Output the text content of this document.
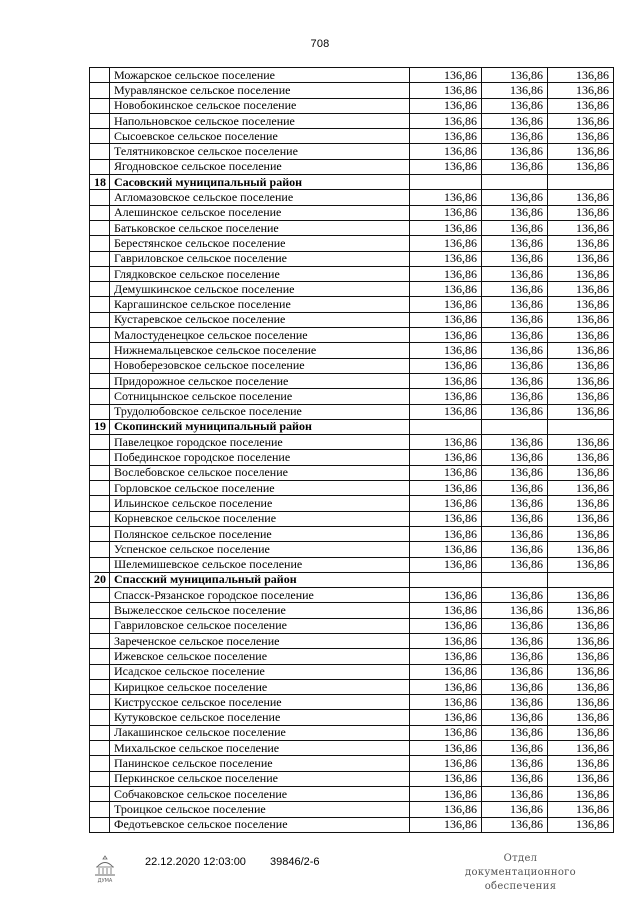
708
	Можарское сельское поселение	136,86	136,86	136,86
	Муравлянское сельское поселение	136,86	136,86	136,86
	Новобокинское сельское поселение	136,86	136,86	136,86
	Напольновское сельское поселение	136,86	136,86	136,86
	Сысоевское сельское поселение	136,86	136,86	136,86
	Телятниковское сельское поселение	136,86	136,86	136,86
	Ягодновское сельское поселение	136,86	136,86	136,86
18	Сасовский муниципальный район			
	Агломазовское сельское поселение	136,86	136,86	136,86
	Алешинское сельское поселение	136,86	136,86	136,86
	Батьковское сельское поселение	136,86	136,86	136,86
	Берестянское сельское поселение	136,86	136,86	136,86
	Гавриловское сельское поселение	136,86	136,86	136,86
	Глядковское сельское поселение	136,86	136,86	136,86
	Демушкинское сельское поселение	136,86	136,86	136,86
	Каргашинское сельское поселение	136,86	136,86	136,86
	Кустаревское сельское поселение	136,86	136,86	136,86
	Малостуденецкое сельское поселение	136,86	136,86	136,86
	Нижнемальцевское сельское поселение	136,86	136,86	136,86
	Новоберезовское сельское поселение	136,86	136,86	136,86
	Придорожное сельское поселение	136,86	136,86	136,86
	Сотницынское сельское поселение	136,86	136,86	136,86
	Трудолюбовское сельское поселение	136,86	136,86	136,86
19	Скопинский муниципальный район			
	Павелецкое городское поселение	136,86	136,86	136,86
	Побединское городское поселение	136,86	136,86	136,86
	Вослебовское сельское поселение	136,86	136,86	136,86
	Горловское сельское поселение	136,86	136,86	136,86
	Ильинское сельское поселение	136,86	136,86	136,86
	Корневское сельское поселение	136,86	136,86	136,86
	Полянское сельское поселение	136,86	136,86	136,86
	Успенское сельское поселение	136,86	136,86	136,86
	Шелемишевское сельское поселение	136,86	136,86	136,86
20	Спасский муниципальный район			
	Спасск-Рязанское городское поселение	136,86	136,86	136,86
	Выжелесское сельское поселение	136,86	136,86	136,86
	Гавриловское сельское поселение	136,86	136,86	136,86
	Зареченское сельское поселение	136,86	136,86	136,86
	Ижевское сельское поселение	136,86	136,86	136,86
	Исадское сельское поселение	136,86	136,86	136,86
	Кирицкое сельское поселение	136,86	136,86	136,86
	Киструсское сельское поселение	136,86	136,86	136,86
	Кутуковское сельское поселение	136,86	136,86	136,86
	Лакашинское сельское поселение	136,86	136,86	136,86
	Михальское сельское поселение	136,86	136,86	136,86
	Панинское сельское поселение	136,86	136,86	136,86
	Перкинское сельское поселение	136,86	136,86	136,86
	Собчаковское сельское поселение	136,86	136,86	136,86
	Троицкое сельское поселение	136,86	136,86	136,86
	Федотьевское сельское поселение	136,86	136,86	136,86
ДУМА
22.12.2020 12:03:00 39846/2-6	Отдел документационного
обеспечения
